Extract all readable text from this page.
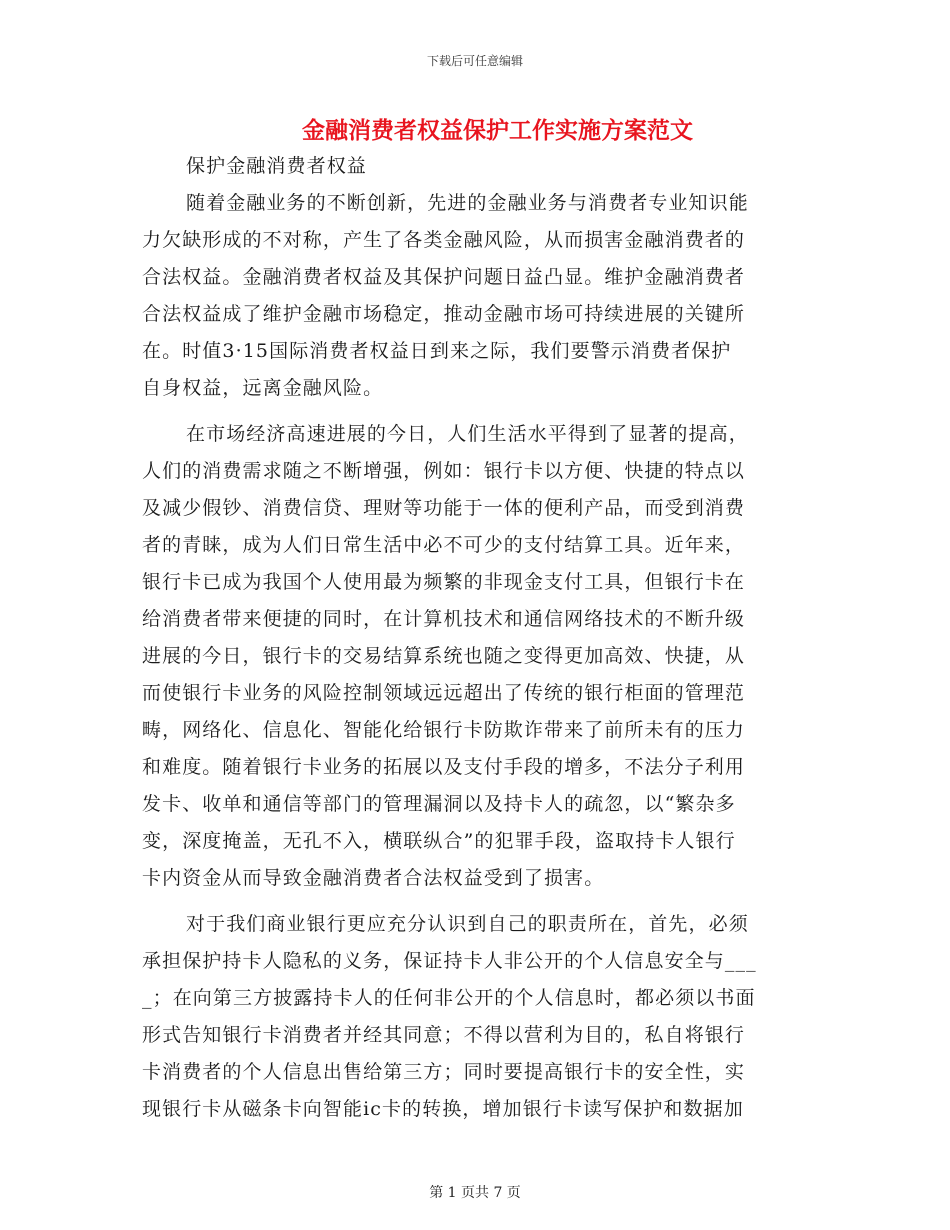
下载后可任意编辑
金融消费者权益保护工作实施方案范文
保护金融消费者权益
随着金融业务的不断创新，先进的金融业务与消费者专业知识能
力欠缺形成的不对称，产生了各类金融风险，从而损害金融消费者的
合法权益。金融消费者权益及其保护问题日益凸显。维护金融消费者
合法权益成了维护金融市场稳定，推动金融市场可持续进展的关键所
在。时值3·15国际消费者权益日到来之际，我们要警示消费者保护
自身权益，远离金融风险。
在市场经济高速进展的今日，人们生活水平得到了显著的提高，
人们的消费需求随之不断增强，例如：银行卡以方便、快捷的特点以
及减少假钞、消费信贷、理财等功能于一体的便利产品，而受到消费
者的青睐，成为人们日常生活中必不可少的支付结算工具。近年来，
银行卡已成为我国个人使用最为频繁的非现金支付工具，但银行卡在
给消费者带来便捷的同时，在计算机技术和通信网络技术的不断升级
进展的今日，银行卡的交易结算系统也随之变得更加高效、快捷，从
而使银行卡业务的风险控制领域远远超出了传统的银行柜面的管理范
畴，网络化、信息化、智能化给银行卡防欺诈带来了前所未有的压力
和难度。随着银行卡业务的拓展以及支付手段的增多，不法分子利用
发卡、收单和通信等部门的管理漏洞以及持卡人的疏忽，以“繁杂多
变，深度掩盖，无孔不入，横联纵合”的犯罪手段，盗取持卡人银行
卡内资金从而导致金融消费者合法权益受到了损害。
对于我们商业银行更应充分认识到自己的职责所在，首先，必须
承担保护持卡人隐私的义务，保证持卡人非公开的个人信息安全与___
_；在向第三方披露持卡人的任何非公开的个人信息时，都必须以书面
形式告知银行卡消费者并经其同意；不得以营利为目的，私自将银行
卡消费者的个人信息出售给第三方；同时要提高银行卡的安全性，实
现银行卡从磁条卡向智能ic卡的转换，增加银行卡读写保护和数据加
第 1 页共 7 页
